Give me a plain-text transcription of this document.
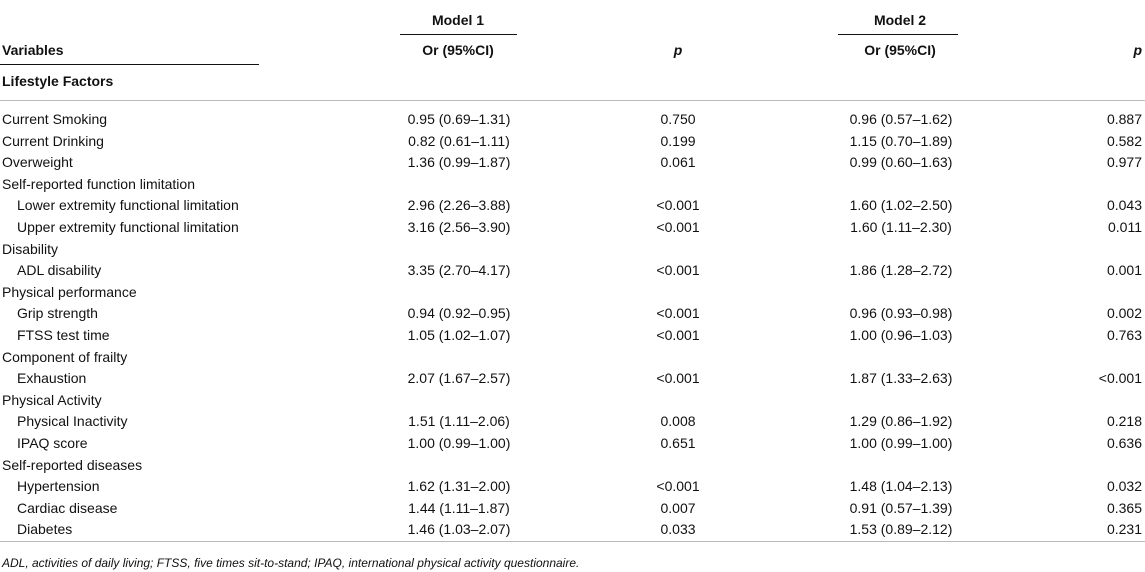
Model 1	Model 2
Variables	Or (95%CI)	p	Or (95%CI)	p
Lifestyle Factors
Current Smoking	0.95 (0.69–1.31)	0.750	0.96 (0.57–1.62)	0.887
Current Drinking	0.82 (0.61–1.11)	0.199	1.15 (0.70–1.89)	0.582
Overweight	1.36 (0.99–1.87)	0.061	0.99 (0.60–1.63)	0.977
Self-reported function limitation
Lower extremity functional limitation	2.96 (2.26–3.88)	<0.001	1.60 (1.02–2.50)	0.043
Upper extremity functional limitation	3.16 (2.56–3.90)	<0.001	1.60 (1.11–2.30)	0.011
Disability
ADL disability	3.35 (2.70–4.17)	<0.001	1.86 (1.28–2.72)	0.001
Physical performance
Grip strength	0.94 (0.92–0.95)	<0.001	0.96 (0.93–0.98)	0.002
FTSS test time	1.05 (1.02–1.07)	<0.001	1.00 (0.96–1.03)	0.763
Component of frailty
Exhaustion	2.07 (1.67–2.57)	<0.001	1.87 (1.33–2.63)	<0.001
Physical Activity
Physical Inactivity	1.51 (1.11–2.06)	0.008	1.29 (0.86–1.92)	0.218
IPAQ score	1.00 (0.99–1.00)	0.651	1.00 (0.99–1.00)	0.636
Self-reported diseases
Hypertension	1.62 (1.31–2.00)	<0.001	1.48 (1.04–2.13)	0.032
Cardiac disease	1.44 (1.11–1.87)	0.007	0.91 (0.57–1.39)	0.365
Diabetes	1.46 (1.03–2.07)	0.033	1.53 (0.89–2.12)	0.231
ADL, activities of daily living; FTSS, five times sit-to-stand; IPAQ, international physical activity questionnaire.
